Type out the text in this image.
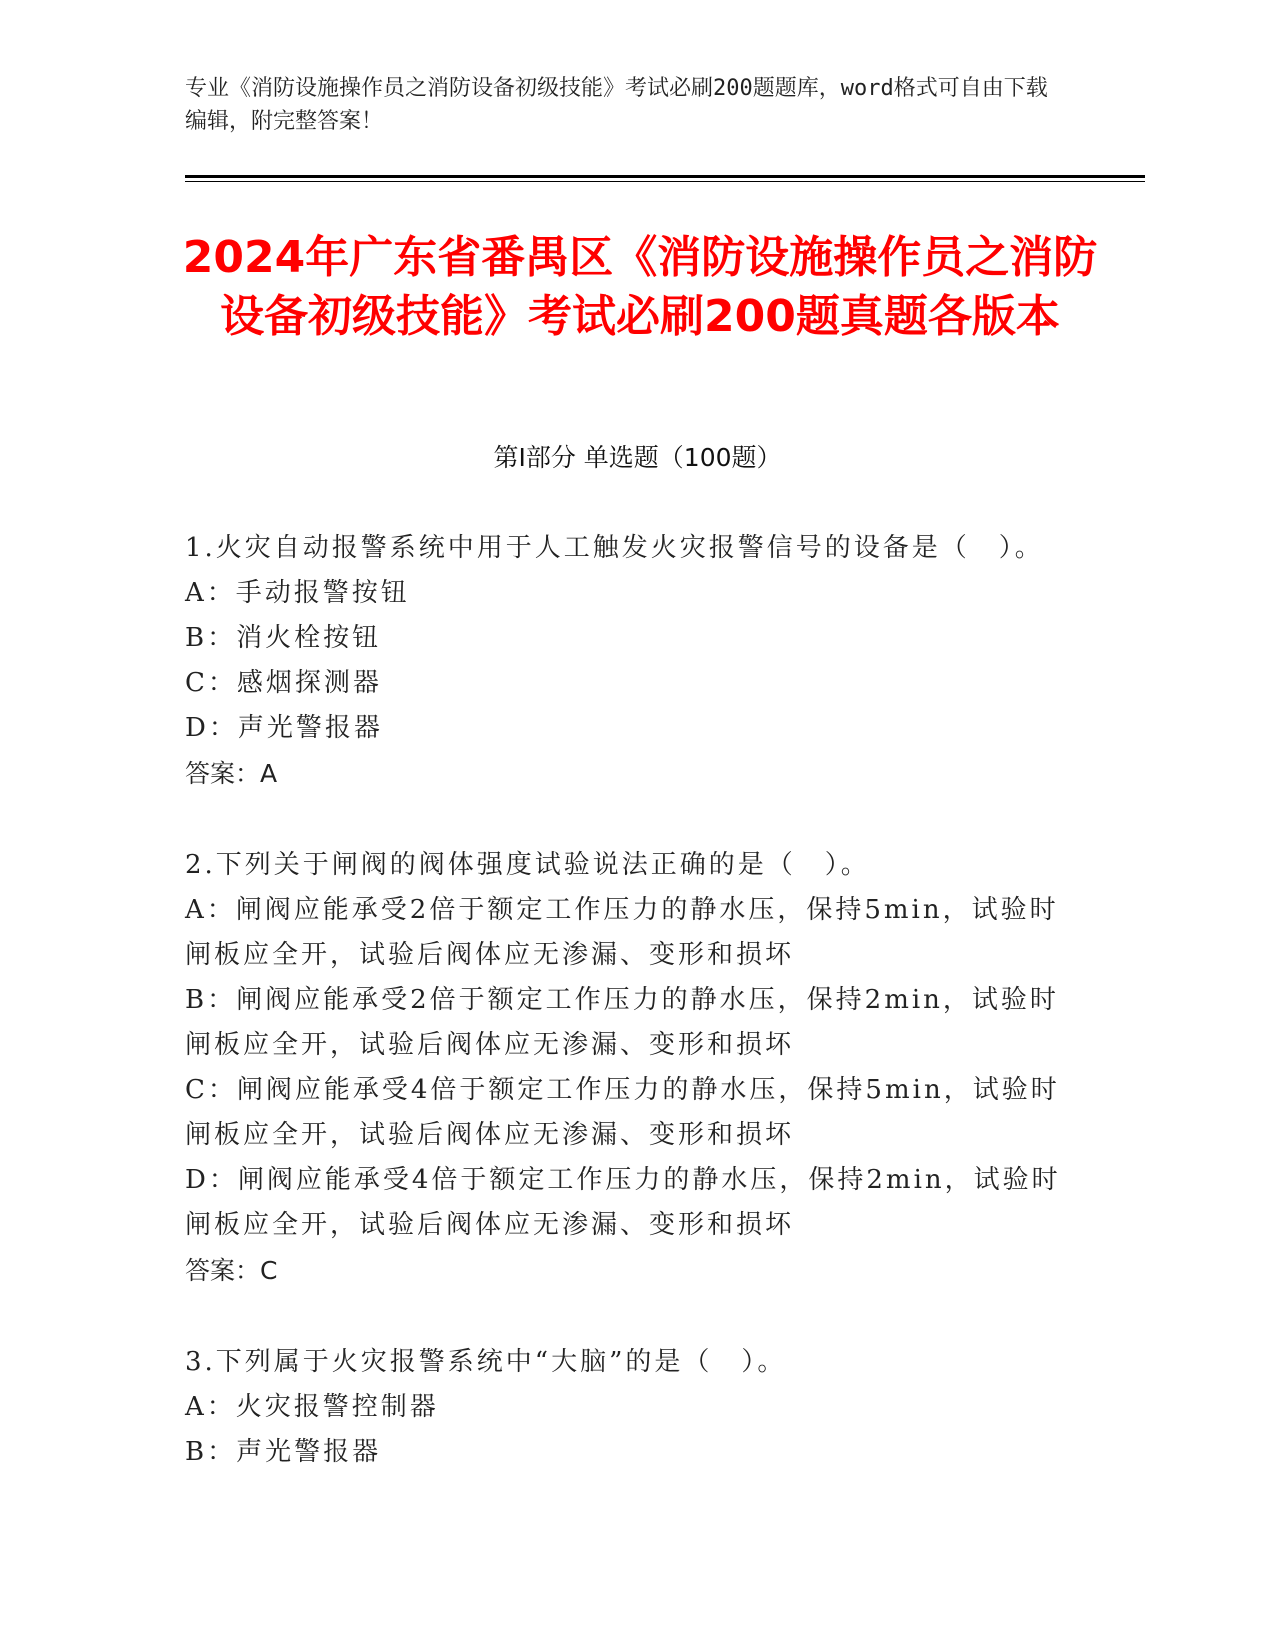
专业《消防设施操作员之消防设备初级技能》考试必刷200题题库，word格式可自由下载编辑，附完整答案！
2024年广东省番禺区《消防设施操作员之消防设备初级技能》考试必刷200题真题各版本
第I部分 单选题（100题）
1.火灾自动报警系统中用于人工触发火灾报警信号的设备是（　）。
A：手动报警按钮
B：消火栓按钮
C：感烟探测器
D：声光警报器
答案：A
2.下列关于闸阀的阀体强度试验说法正确的是（　）。
A：闸阀应能承受2倍于额定工作压力的静水压，保持5min，试验时闸板应全开，试验后阀体应无渗漏、变形和损坏
B：闸阀应能承受2倍于额定工作压力的静水压，保持2min，试验时闸板应全开，试验后阀体应无渗漏、变形和损坏
C：闸阀应能承受4倍于额定工作压力的静水压，保持5min，试验时闸板应全开，试验后阀体应无渗漏、变形和损坏
D：闸阀应能承受4倍于额定工作压力的静水压，保持2min，试验时闸板应全开，试验后阀体应无渗漏、变形和损坏
答案：C
3.下列属于火灾报警系统中“大脑”的是（　）。
A：火灾报警控制器
B：声光警报器
